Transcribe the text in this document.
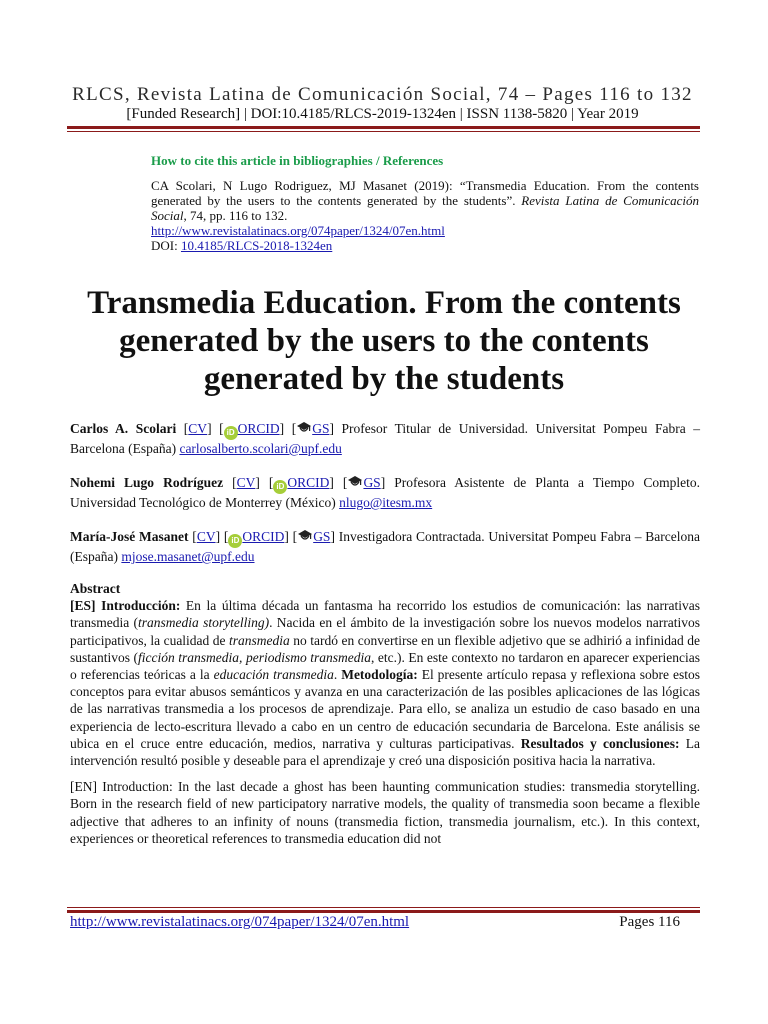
RLCS, Revista Latina de Comunicación Social, 74 – Pages 116 to 132
[Funded Research] | DOI:10.4185/RLCS-2019-1324en | ISSN 1138-5820 | Year 2019
How to cite this article in bibliographies / References
CA Scolari, N Lugo Rodriguez, MJ Masanet (2019): “Transmedia Education. From the contents generated by the users to the contents generated by the students”. Revista Latina de Comunicación Social, 74, pp. 116 to 132.
http://www.revistalatinacs.org/074paper/1324/07en.html
DOI: 10.4185/RLCS-2018-1324en
Transmedia Education. From the contents generated by the users to the contents generated by the students
Carlos A. Scolari [CV] [ iD ORCID] [ GS] Profesor Titular de Universidad. Universitat Pompeu Fabra – Barcelona (España) carlosalberto.scolari@upf.edu
Nohemi Lugo Rodríguez [CV] [ iD ORCID] [ GS] Profesora Asistente de Planta a Tiempo Completo. Universidad Tecnológico de Monterrey (México) nlugo@itesm.mx
María-José Masanet [CV] [ iD ORCID] [ GS] Investigadora Contractada. Universitat Pompeu Fabra – Barcelona (España) mjose.masanet@upf.edu
Abstract
[ES] Introducción: En la última década un fantasma ha recorrido los estudios de comunicación: las narrativas transmedia (transmedia storytelling). Nacida en el ámbito de la investigación sobre los nuevos modelos narrativos participativos, la cualidad de transmedia no tardó en convertirse en un flexible adjetivo que se adhirió a infinidad de sustantivos (ficción transmedia, periodismo transmedia, etc.). En este contexto no tardaron en aparecer experiencias o referencias teóricas a la educación transmedia. Metodología: El presente artículo repasa y reflexiona sobre estos conceptos para evitar abusos semánticos y avanza en una caracterización de las posibles aplicaciones de las lógicas de las narrativas transmedia a los procesos de aprendizaje. Para ello, se analiza un estudio de caso basado en una experiencia de lecto-escritura llevado a cabo en un centro de educación secundaria de Barcelona. Este análisis se ubica en el cruce entre educación, medios, narrativa y culturas participativas. Resultados y conclusiones: La intervención resultó posible y deseable para el aprendizaje y creó una disposición positiva hacia la narrativa.
[EN] Introduction: In the last decade a ghost has been haunting communication studies: transmedia storytelling. Born in the research field of new participatory narrative models, the quality of transmedia soon became a flexible adjective that adheres to an infinity of nouns (transmedia fiction, transmedia journalism, etc.). In this context, experiences or theoretical references to transmedia education did not
http://www.revistalatinacs.org/074paper/1324/07en.html	Pages 116
